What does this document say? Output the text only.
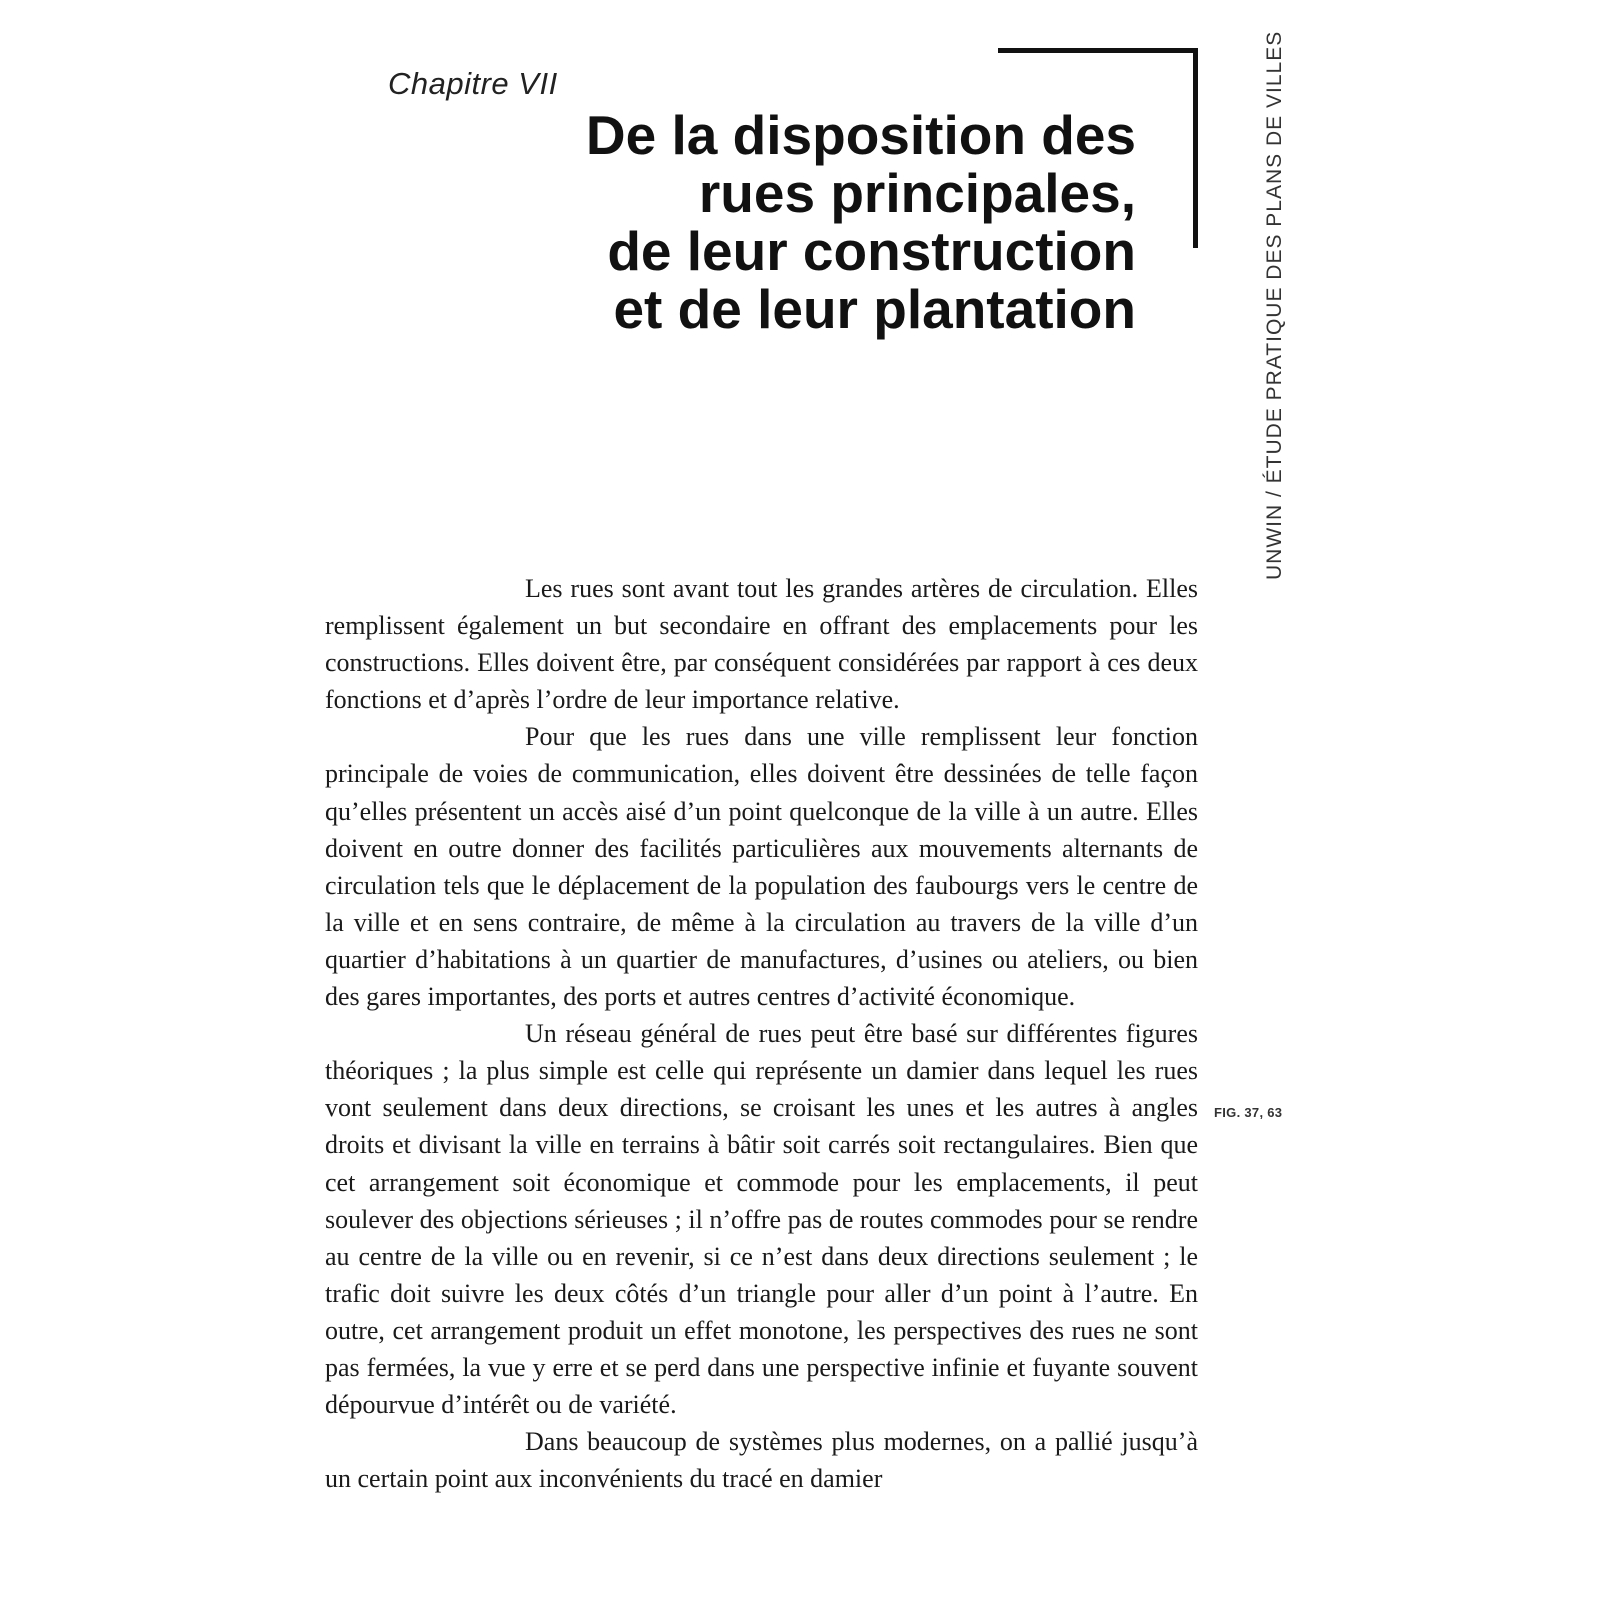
Chapitre VII
De la disposition des
rues principales,
de leur construction
et de leur plantation	UNWIN / ÉTUDE PRATIQUE DES PLANS DE VILLES
FIG. 37, 63

Les rues sont avant tout les grandes artères de circulation. Elles remplissent également un but secondaire en offrant des emplacements pour les constructions. Elles doivent être, par conséquent considérées par rapport à ces deux fonctions et d’après l’ordre de leur importance relative.

Pour que les rues dans une ville remplissent leur fonction principale de voies de communication, elles doivent être dessinées de telle façon qu’elles présentent un accès aisé d’un point quelconque de la ville à un autre. Elles doivent en outre donner des facilités particulières aux mouvements alternants de circulation tels que le déplacement de la population des faubourgs vers le centre de la ville et en sens contraire, de même à la circulation au travers de la ville d’un quartier d’habitations à un quartier de manufactures, d’usines ou ateliers, ou bien des gares importantes, des ports et autres centres d’activité économique.

Un réseau général de rues peut être basé sur différentes figures théoriques ; la plus simple est celle qui représente un damier dans lequel les rues vont seulement dans deux directions, se croisant les unes et les autres à angles droits et divisant la ville en terrains à bâtir soit carrés soit rectangulaires. Bien que cet arrangement soit économique et commode pour les emplacements, il peut soulever des objections sérieuses ; il n’offre pas de routes commodes pour se rendre au centre de la ville ou en revenir, si ce n’est dans deux directions seulement ; le trafic doit suivre les deux côtés d’un triangle pour aller d’un point à l’autre. En outre, cet arrangement produit un effet monotone, les perspectives des rues ne sont pas fermées, la vue y erre et se perd dans une perspective infinie et fuyante souvent dépourvue d’intérêt ou de variété.

Dans beaucoup de systèmes plus modernes, on a pallié jusqu’à un certain point aux inconvénients du tracé en damier
